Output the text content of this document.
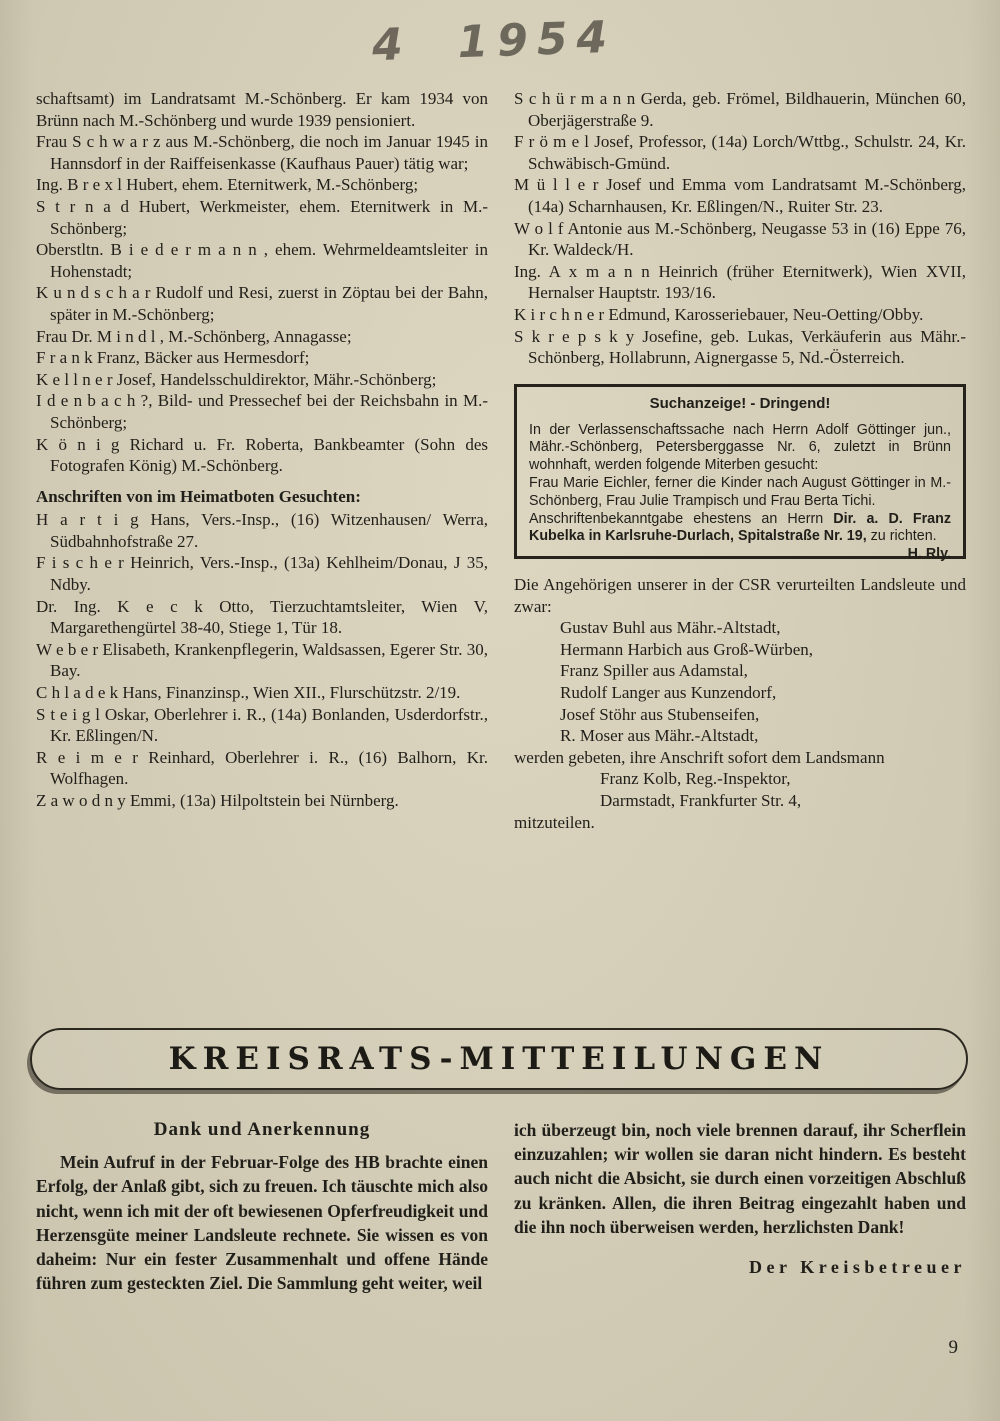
4 1954

schaftsamt) im Landratsamt M.-Schönberg. Er kam 1934 von Brünn nach M.-Schönberg und wurde 1939 pensioniert.

Frau S c h w a r z aus M.-Schönberg, die noch im Januar 1945 in Hannsdorf in der Raiffeisenkasse (Kaufhaus Pauer) tätig war;

Ing. B r e x l Hubert, ehem. Eternitwerk, M.-Schönberg;

S t r n a d Hubert, Werkmeister, ehem. Eternitwerk in M.-Schönberg;

Oberstltn. B i e d e r m a n n , ehem. Wehrmeldeamtsleiter in Hohenstadt;

K u n d s c h a r Rudolf und Resi, zuerst in Zöptau bei der Bahn, später in M.-Schönberg;

Frau Dr. M i n d l , M.-Schönberg, Annagasse;

F r a n k Franz, Bäcker aus Hermesdorf;

K e l l n e r Josef, Handelsschuldirektor, Mähr.-Schönberg;

I d e n b a c h ?, Bild- und Pressechef bei der Reichsbahn in M.-Schönberg;

K ö n i g Richard u. Fr. Roberta, Bankbeamter (Sohn des Fotografen König) M.-Schönberg.

Anschriften von im Heimatboten Gesuchten:

H a r t i g Hans, Vers.-Insp., (16) Witzenhausen/ Werra, Südbahnhofstraße 27.

F i s c h e r Heinrich, Vers.-Insp., (13a) Kehlheim/Donau, J 35, Ndby.

Dr. Ing. K e c k Otto, Tierzuchtamtsleiter, Wien V, Margarethengürtel 38-40, Stiege 1, Tür 18.

W e b e r Elisabeth, Krankenpflegerin, Waldsassen, Egerer Str. 30, Bay.

C h l a d e k Hans, Finanzinsp., Wien XII., Flurschützstr. 2/19.

S t e i g l Oskar, Oberlehrer i. R., (14a) Bonlanden, Usderdorfstr., Kr. Eßlingen/N.

R e i m e r Reinhard, Oberlehrer i. R., (16) Balhorn, Kr. Wolfhagen.

Z a w o d n y Emmi, (13a) Hilpoltstein bei Nürnberg.

S c h ü r m a n n Gerda, geb. Frömel, Bildhauerin, München 60, Oberjägerstraße 9.

F r ö m e l Josef, Professor, (14a) Lorch/Wttbg., Schulstr. 24, Kr. Schwäbisch-Gmünd.

M ü l l e r Josef und Emma vom Landratsamt M.-Schönberg, (14a) Scharnhausen, Kr. Eßlingen/N., Ruiter Str. 23.

W o l f Antonie aus M.-Schönberg, Neugasse 53 in (16) Eppe 76, Kr. Waldeck/H.

Ing. A x m a n n Heinrich (früher Eternitwerk), Wien XVII, Hernalser Hauptstr. 193/16.

K i r c h n e r Edmund, Karosseriebauer, Neu-Oetting/Obby.

S k r e p s k y Josefine, geb. Lukas, Verkäuferin aus Mähr.-Schönberg, Hollabrunn, Aignergasse 5, Nd.-Österreich.

Suchanzeige! - Dringend!

In der Verlassenschaftssache nach Herrn Adolf Göttinger jun., Mähr.-Schönberg, Petersberggasse Nr. 6, zuletzt in Brünn wohnhaft, werden folgende Miterben gesucht:

Frau Marie Eichler, ferner die Kinder nach August Göttinger in M.-Schönberg, Frau Julie Trampisch und Frau Berta Tichi.

Anschriftenbekanntgabe ehestens an Herrn Dir. a. D. Franz Kubelka in Karlsruhe-Durlach, Spitalstraße Nr. 19, zu richten.
H. Rly.

Die Angehörigen unserer in der CSR verurteilten Landsleute und zwar:

Gustav Buhl aus Mähr.-Altstadt,

Hermann Harbich aus Groß-Würben,

Franz Spiller aus Adamstal,

Rudolf Langer aus Kunzendorf,

Josef Stöhr aus Stubenseifen,

R. Moser aus Mähr.-Altstadt,

werden gebeten, ihre Anschrift sofort dem Landsmann

Franz Kolb, Reg.-Inspektor,

Darmstadt, Frankfurter Str. 4,

mitzuteilen.

KREISRATS-MITTEILUNGEN

Dank und Anerkennung

Mein Aufruf in der Februar-Folge des HB brachte einen Erfolg, der Anlaß gibt, sich zu freuen. Ich täuschte mich also nicht, wenn ich mit der oft bewiesenen Opferfreudigkeit und Herzensgüte meiner Landsleute rechnete. Sie wissen es von daheim: Nur ein fester Zusammenhalt und offene Hände führen zum gesteckten Ziel. Die Sammlung geht weiter, weil

ich überzeugt bin, noch viele brennen darauf, ihr Scherflein einzuzahlen; wir wollen sie daran nicht hindern. Es besteht auch nicht die Absicht, sie durch einen vorzeitigen Abschluß zu kränken. Allen, die ihren Beitrag eingezahlt haben und die ihn noch überweisen werden, herzlichsten Dank!

Der Kreisbetreuer

9
